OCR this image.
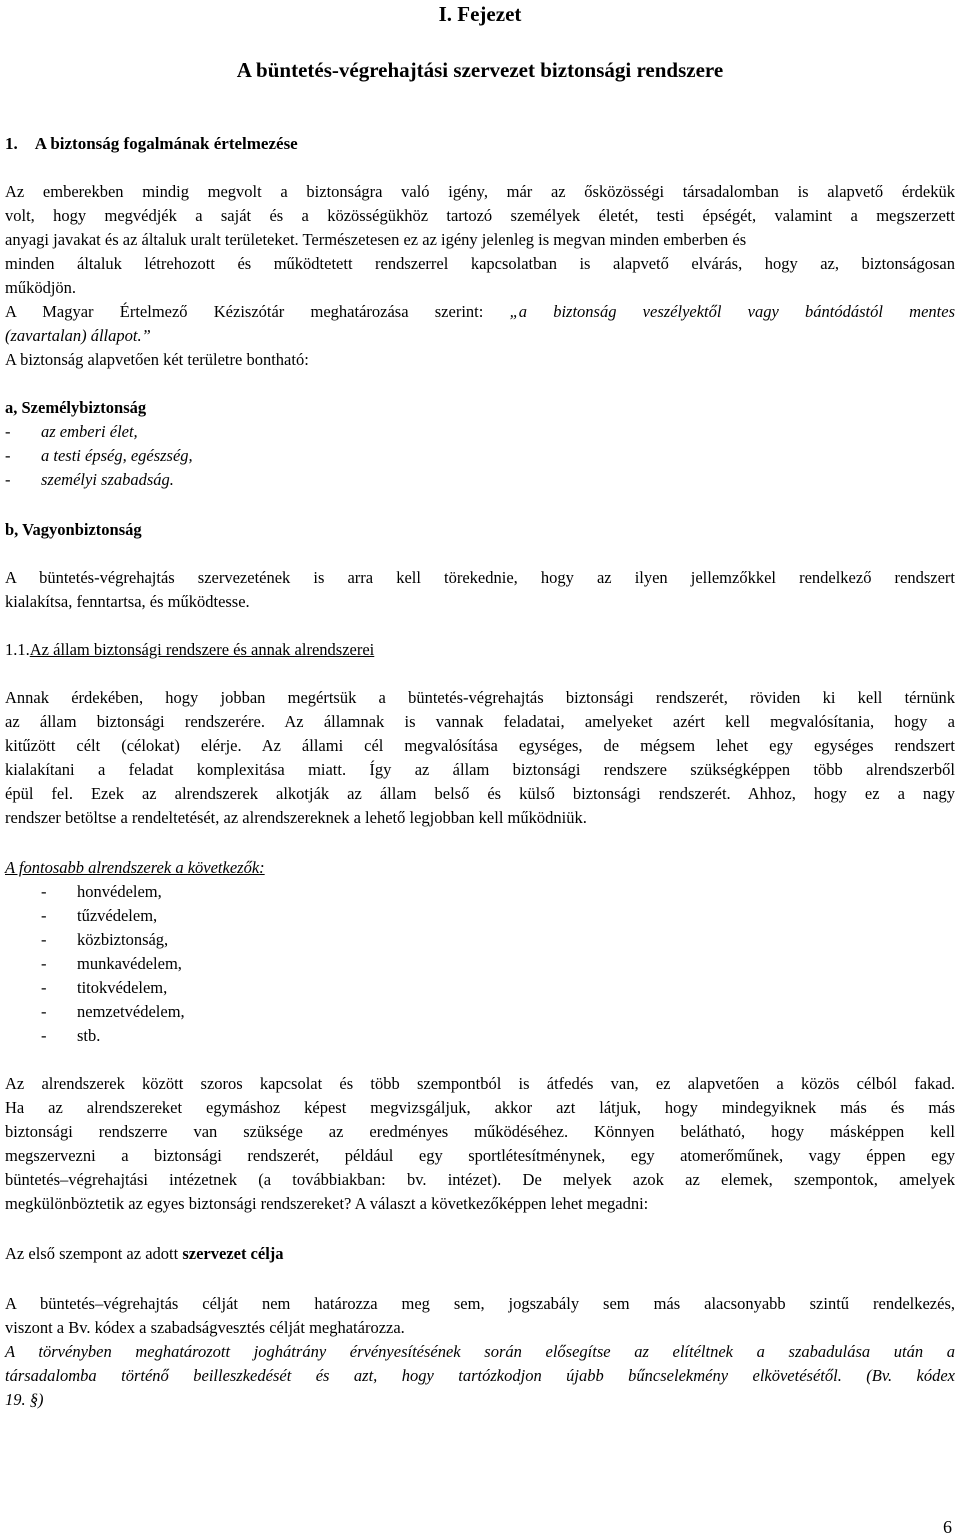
I. Fejezet
A büntetés-végrehajtási szervezet biztonsági rendszere
1.    A biztonság fogalmának értelmezése
Az emberekben mindig megvolt a biztonságra való igény, már az ősközösségi társadalomban is alapvető érdekük
volt, hogy megvédjék a saját és a közösségükhöz tartozó személyek életét, testi épségét, valamint a megszerzett
anyagi javakat és az általuk uralt területeket. Természetesen ez az igény jelenleg is megvan minden emberben és
minden általuk létrehozott és működtetett rendszerrel kapcsolatban is alapvető elvárás, hogy az, biztonságosan
működjön.
A Magyar Értelmező Kéziszótár meghatározása szerint: „a biztonság veszélyektől vagy bántódástól mentes
(zavartalan) állapot.”
A biztonság alapvetően két területre bontható:
a, Személybiztonság
- az emberi élet,
- a testi épség, egészség,
- személyi szabadság.
b, Vagyonbiztonság
A büntetés-végrehajtás szervezetének is arra kell törekednie, hogy az ilyen jellemzőkkel rendelkező rendszert
kialakítsa, fenntartsa, és működtesse.
1.1.Az állam biztonsági rendszere és annak alrendszerei
Annak érdekében, hogy jobban megértsük a büntetés-végrehajtás biztonsági rendszerét, röviden ki kell térnünk
az állam biztonsági rendszerére. Az államnak is vannak feladatai, amelyeket azért kell megvalósítania, hogy a
kitűzött célt (célokat) elérje. Az állami cél megvalósítása egységes, de mégsem lehet egy egységes rendszert
kialakítani a feladat komplexitása miatt. Így az állam biztonsági rendszere szükségképpen több alrendszerből
épül fel. Ezek az alrendszerek alkotják az állam belső és külső biztonsági rendszerét. Ahhoz, hogy ez a nagy
rendszer betöltse a rendeltetését, az alrendszereknek a lehető legjobban kell működniük.
A fontosabb alrendszerek a következők:
- honvédelem,
- tűzvédelem,
- közbiztonság,
- munkavédelem,
- titokvédelem,
- nemzetvédelem,
- stb.
Az alrendszerek között szoros kapcsolat és több szempontból is átfedés van, ez alapvetően a közös célból fakad.
Ha az alrendszereket egymáshoz képest megvizsgáljuk, akkor azt látjuk, hogy mindegyiknek más és más
biztonsági rendszerre van szüksége az eredményes működéséhez. Könnyen belátható, hogy másképpen kell
megszervezni a biztonsági rendszerét, például egy sportlétesítménynek, egy atomerőműnek, vagy éppen egy
büntetés–végrehajtási intézetnek (a továbbiakban: bv. intézet). De melyek azok az elemek, szempontok, amelyek
megkülönböztetik az egyes biztonsági rendszereket? A választ a következőképpen lehet megadni:
Az első szempont az adott szervezet célja
A büntetés–végrehajtás célját nem határozza meg sem, jogszabály sem más alacsonyabb szintű rendelkezés,
viszont a Bv. kódex a szabadságvesztés célját meghatározza.
A törvényben meghatározott joghátrány érvényesítésének során elősegítse az elítéltnek a szabadulása után a
társadalomba történő beilleszkedését és azt, hogy tartózkodjon újabb bűncselekmény elkövetésétől. (Bv. kódex
19. §)
6
